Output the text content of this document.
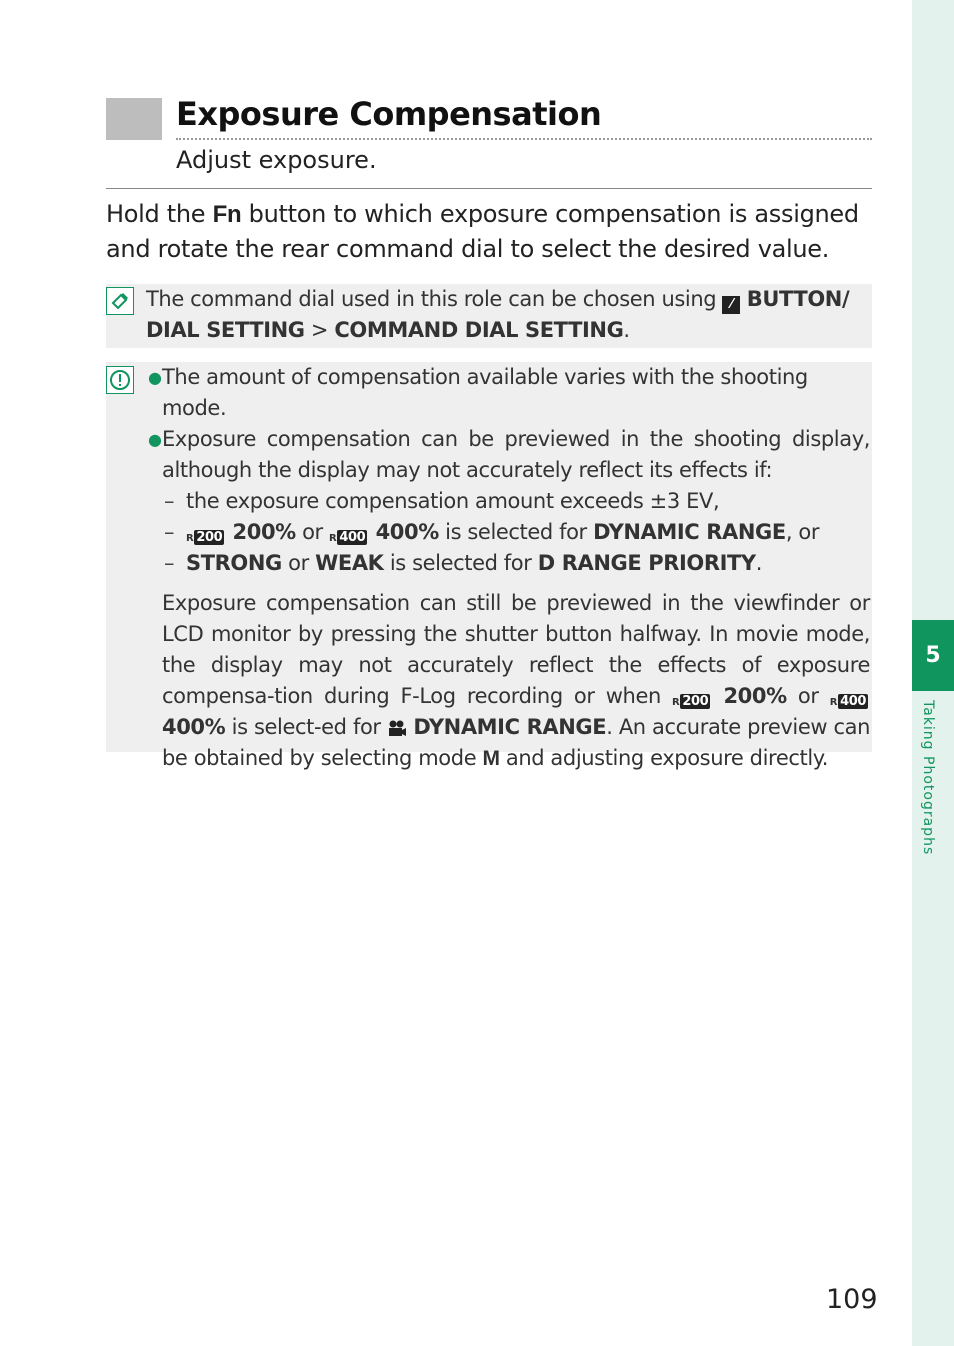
5
Taking Photographs
Exposure Compensation
Adjust exposure.
Hold the Fn button to which exposure compensation is assigned and rotate the rear command dial to select the desired value.
The command dial used in this role can be chosen using ⁄ BUTTON/ DIAL SETTING > COMMAND DIAL SETTING.
● The amount of compensation available varies with the shooting mode.
● Exposure compensation can be previewed in the shooting display, although the display may not accurately reflect its effects if:
– the exposure compensation amount exceeds ±3 EV,
– R 200 200% or R 400 400% is selected for DYNAMIC RANGE, or
– STRONG or WEAK is selected for D RANGE PRIORITY.
Exposure compensation can still be previewed in the viewfinder or LCD monitor by pressing the shutter button halfway. In movie mode, the display may not accurately reflect the effects of exposure compensa-tion during F-Log recording or when R 200 200% or R 400 400% is select-ed for  DYNAMIC RANGE. An accurate preview can be obtained by selecting mode M and adjusting exposure directly.
109
